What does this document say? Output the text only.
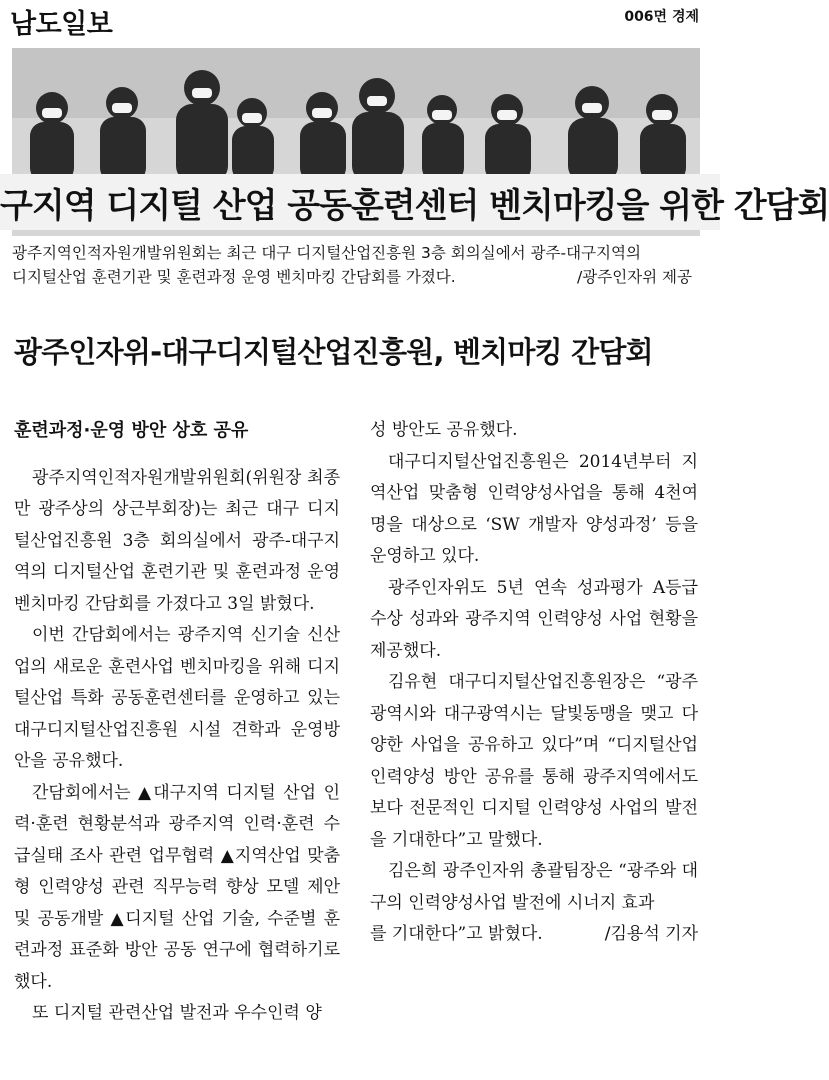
남도일보	006면 경제
구지역 디지털 산업 공동훈련센터 벤치마킹을 위한 간담회
광주지역인적자원개발위원회는 최근 대구 디지털산업진흥원 3층 회의실에서 광주-대구지역의
디지털산업 훈련기관 및 훈련과정 운영 벤치마킹 간담회를 가졌다.	/광주인자위 제공
광주인자위-대구디지털산업진흥원, 벤치마킹 간담회
훈련과정·운영 방안 상호 공유

광주지역인적자원개발위원회(위원장 최종만 광주상의 상근부회장)는 최근 대구 디지털산업진흥원 3층 회의실에서 광주-대구지역의 디지털산업 훈련기관 및 훈련과정 운영 벤치마킹 간담회를 가졌다고 3일 밝혔다.

이번 간담회에서는 광주지역 신기술 신산업의 새로운 훈련사업 벤치마킹을 위해 디지털산업 특화 공동훈련센터를 운영하고 있는 대구디지털산업진흥원 시설 견학과 운영방안을 공유했다.

간담회에서는 ▲대구지역 디지털 산업 인력·훈련 현황분석과 광주지역 인력·훈련 수급실태 조사 관련 업무협력 ▲지역산업 맞춤형 인력양성 관련 직무능력 향상 모델 제안 및 공동개발 ▲디지털 산업 기술, 수준별 훈련과정 표준화 방안 공동 연구에 협력하기로 했다.

또 디지털 관련산업 발전과 우수인력 양

성 방안도 공유했다.

대구디지털산업진흥원은 2014년부터 지역산업 맞춤형 인력양성사업을 통해 4천여명을 대상으로 ‘SW 개발자 양성과정’ 등을 운영하고 있다.

광주인자위도 5년 연속 성과평가 A등급 수상 성과와 광주지역 인력양성 사업 현황을 제공했다.

김유현 대구디지털산업진흥원장은 “광주광역시와 대구광역시는 달빛동맹을 맺고 다양한 사업을 공유하고 있다”며 “디지털산업 인력양성 방안 공유를 통해 광주지역에서도 보다 전문적인 디지털 인력양성 사업의 발전을 기대한다”고 말했다.

김은희 광주인자위 총괄팀장은 “광주와 대구의 인력양성사업 발전에 시너지 효과

를 기대한다”고 밝혔다.	/김용석 기자
